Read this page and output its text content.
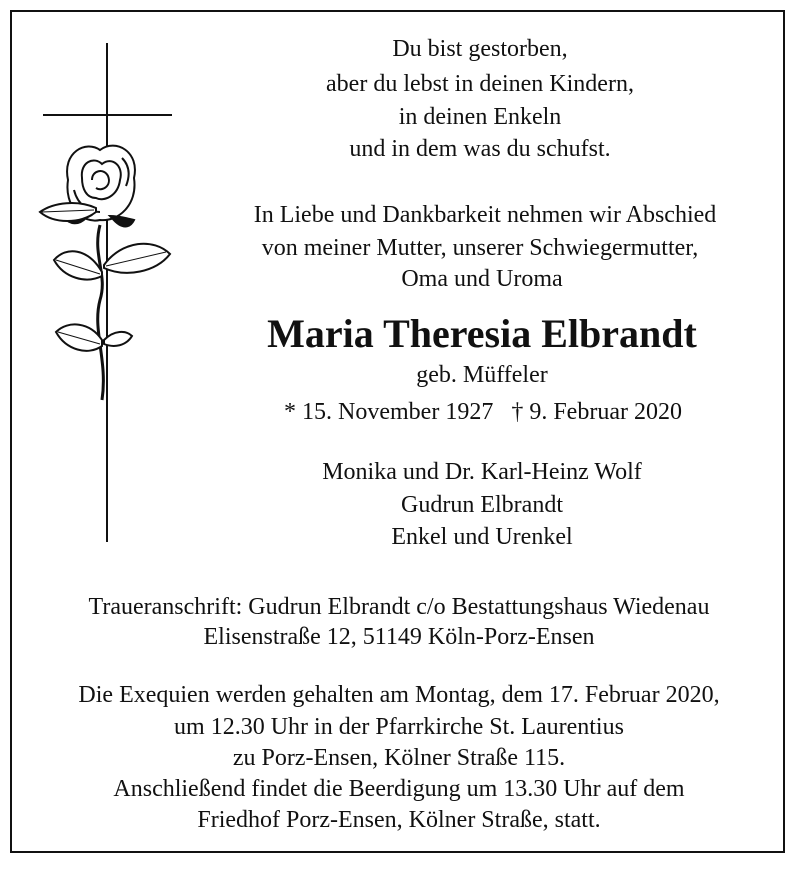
Du bist gestorben,
aber du lebst in deinen Kindern,
in deinen Enkeln
und in dem was du schufst.
In Liebe und Dankbarkeit nehmen wir Abschied
von meiner Mutter, unserer Schwiegermutter,
Oma und Uroma
Maria Theresia Elbrandt
geb. Müffeler
* 15. November 1927 † 9. Februar 2020
Monika und Dr. Karl-Heinz Wolf
Gudrun Elbrandt
Enkel und Urenkel
Traueranschrift: Gudrun Elbrandt c/o Bestattungshaus Wiedenau
Elisenstraße 12, 51149 Köln-Porz-Ensen
Die Exequien werden gehalten am Montag, dem 17. Februar 2020,
um 12.30 Uhr in der Pfarrkirche St. Laurentius
zu Porz-Ensen, Kölner Straße 115.
Anschließend findet die Beerdigung um 13.30 Uhr auf dem
Friedhof Porz-Ensen, Kölner Straße, statt.
